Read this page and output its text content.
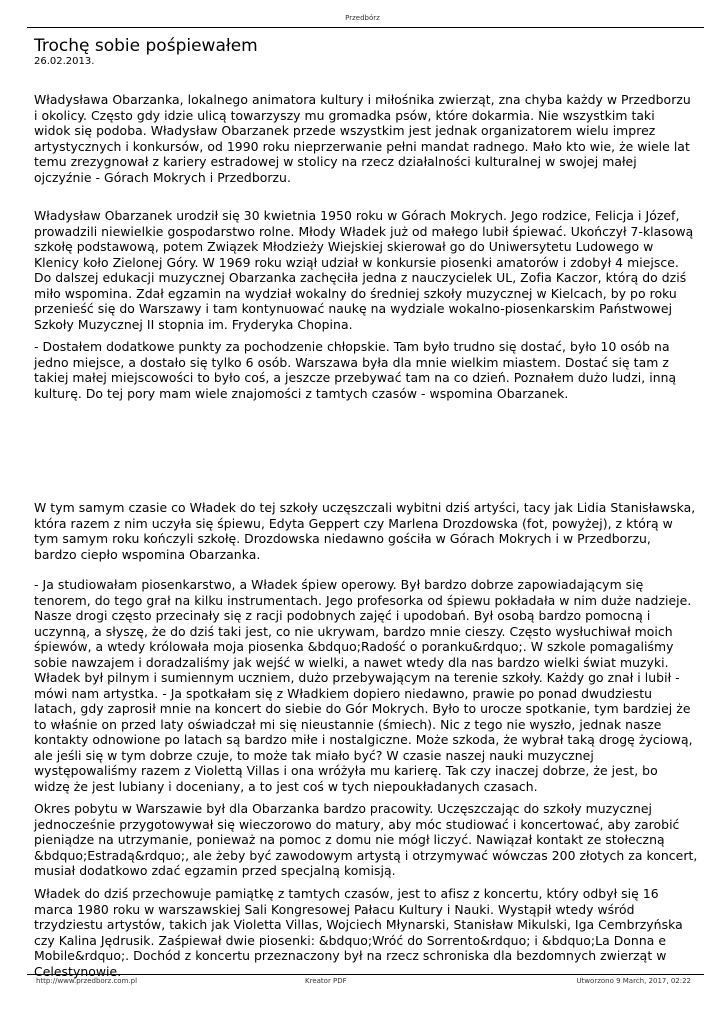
Przedbórz
Trochę sobie pośpiewałem
26.02.2013.

Władysława Obarzanka, lokalnego animatora kultury i miłośnika zwierząt, zna chyba każdy w Przedborzu
i okolicy. Często gdy idzie ulicą towarzyszy mu gromadka psów, które dokarmia. Nie wszystkim taki
widok się podoba. Władysław Obarzanek przede wszystkim jest jednak organizatorem wielu imprez
artystycznych i konkursów, od 1990 roku nieprzerwanie pełni mandat radnego. Mało kto wie, że wiele lat
temu zrezygnował z kariery estradowej w stolicy na rzecz działalności kulturalnej w swojej małej
ojczyźnie - Górach Mokrych i Przedborzu.

Władysław Obarzanek urodził się 30 kwietnia 1950 roku w Górach Mokrych. Jego rodzice, Felicja i Józef,
prowadzili niewielkie gospodarstwo rolne. Młody Władek już od małego lubił śpiewać. Ukończył 7-klasową
szkołę podstawową, potem Związek Młodzieży Wiejskiej skierował go do Uniwersytetu Ludowego w
Klenicy koło Zielonej Góry. W 1969 roku wziął udział w konkursie piosenki amatorów i zdobył 4 miejsce.
Do dalszej edukacji muzycznej Obarzanka zachęciła jedna z nauczycielek UL, Zofia Kaczor, którą do dziś
miło wspomina. Zdał egzamin na wydział wokalny do średniej szkoły muzycznej w Kielcach, by po roku
przenieść się do Warszawy i tam kontynuować naukę na wydziale wokalno-piosenkarskim Państwowej
Szkoły Muzycznej II stopnia im. Fryderyka Chopina.

- Dostałem dodatkowe punkty za pochodzenie chłopskie. Tam było trudno się dostać, było 10 osób na
jedno miejsce, a dostało się tylko 6 osób. Warszawa była dla mnie wielkim miastem. Dostać się tam z
takiej małej miejscowości to było coś, a jeszcze przebywać tam na co dzień. Poznałem dużo ludzi, inną
kulturę. Do tej pory mam wiele znajomości z tamtych czasów - wspomina Obarzanek.

W tym samym czasie co Władek do tej szkoły uczęszczali wybitni dziś artyści, tacy jak Lidia Stanisławska,
która razem z nim uczyła się śpiewu, Edyta Geppert czy Marlena Drozdowska (fot, powyżej), z którą w
tym samym roku kończyli szkołę. Drozdowska niedawno gościła w Górach Mokrych i w Przedborzu,
bardzo ciepło wspomina Obarzanka.

- Ja studiowałam piosenkarstwo, a Władek śpiew operowy. Był bardzo dobrze zapowiadającym się
tenorem, do tego grał na kilku instrumentach. Jego profesorka od śpiewu pokładała w nim duże nadzieje.
Nasze drogi często przecinały się z racji podobnych zajęć i upodobań. Był osobą bardzo pomocną i
uczynną, a słyszę, że do dziś taki jest, co nie ukrywam, bardzo mnie cieszy. Często wysłuchiwał moich
śpiewów, a wtedy królowała moja piosenka &bdquo;Radość o poranku&rdquo;. W szkole pomagaliśmy
sobie nawzajem i doradzaliśmy jak wejść w wielki, a nawet wtedy dla nas bardzo wielki świat muzyki.
Władek był pilnym i sumiennym uczniem, dużo przebywającym na terenie szkoły. Każdy go znał i lubił -
mówi nam artystka. - Ja spotkałam się z Władkiem dopiero niedawno, prawie po ponad dwudziestu
latach, gdy zaprosił mnie na koncert do siebie do Gór Mokrych. Było to urocze spotkanie, tym bardziej że
to właśnie on przed laty oświadczał mi się nieustannie (śmiech). Nic z tego nie wyszło, jednak nasze
kontakty odnowione po latach są bardzo miłe i nostalgiczne. Może szkoda, że wybrał taką drogę życiową,
ale jeśli się w tym dobrze czuje, to może tak miało być? W czasie naszej nauki muzycznej
występowaliśmy razem z Violettą Villas i ona wróżyła mu karierę. Tak czy inaczej dobrze, że jest, bo
widzę że jest lubiany i doceniany, a to jest coś w tych niepoukładanych czasach.

Okres pobytu w Warszawie był dla Obarzanka bardzo pracowity. Uczęszczając do szkoły muzycznej
jednocześnie przygotowywał się wieczorowo do matury, aby móc studiować i koncertować, aby zarobić
pieniądze na utrzymanie, ponieważ na pomoc z domu nie mógł liczyć. Nawiązał kontakt ze stołeczną
&bdquo;Estradą&rdquo;, ale żeby być zawodowym artystą i otrzymywać wówczas 200 złotych za koncert,
musiał dodatkowo zdać egzamin przed specjalną komisją.

Władek do dziś przechowuje pamiątkę z tamtych czasów, jest to afisz z koncertu, który odbył się 16
marca 1980 roku w warszawskiej Sali Kongresowej Pałacu Kultury i Nauki. Wystąpił wtedy wśród
trzydziestu artystów, takich jak Violetta Villas, Wojciech Młynarski, Stanisław Mikulski, Iga Cembrzyńska
czy Kalina Jędrusik. Zaśpiewał dwie piosenki: &bdquo;Wróć do Sorrento&rdquo; i &bdquo;La Donna e
Mobile&rdquo;. Dochód z koncertu przeznaczony był na rzecz schroniska dla bezdomnych zwierząt w
Celestynowie.

http://www.przedborz.com.pl	Kreator PDF	Utworzono 9 March, 2017, 02:22
